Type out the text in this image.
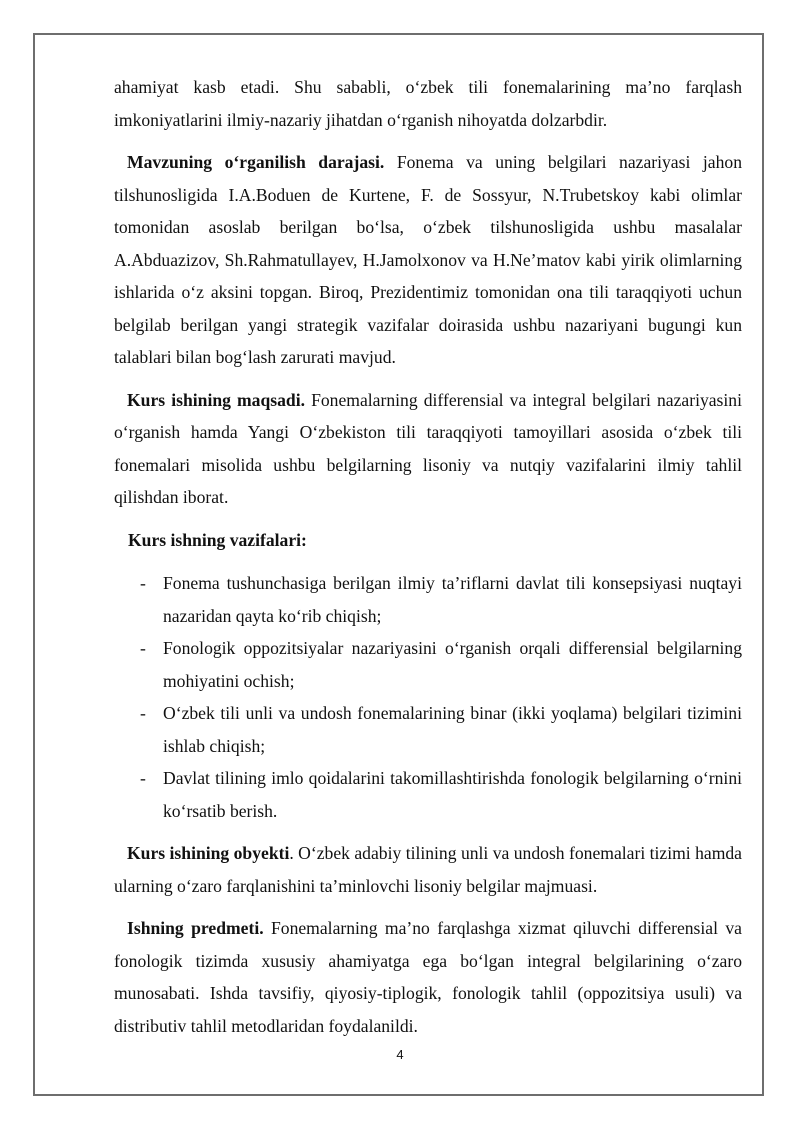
ahamiyat kasb etadi. Shu sababli, o‘zbek tili fonemalarining ma’no farqlash imkoniyatlarini ilmiy-nazariy jihatdan o‘rganish nihoyatda dolzarbdir.

Mavzuning o‘rganilish darajasi. Fonema va uning belgilari nazariyasi jahon tilshunosligida I.A.Boduen de Kurtene, F. de Sossyur, N.Trubetskoy kabi olimlar tomonidan asoslab berilgan bo‘lsa, o‘zbek tilshunosligida ushbu masalalar A.Abduazizov, Sh.Rahmatullayev, H.Jamolxonov va H.Ne’matov kabi yirik olimlarning ishlarida o‘z aksini topgan. Biroq, Prezidentimiz tomonidan ona tili taraqqiyoti uchun belgilab berilgan yangi strategik vazifalar doirasida ushbu nazariyani bugungi kun talablari bilan bog‘lash zarurati mavjud.

Kurs ishining maqsadi. Fonemalarning differensial va integral belgilari nazariyasini o‘rganish hamda Yangi O‘zbekiston tili taraqqiyoti tamoyillari asosida o‘zbek tili fonemalari misolida ushbu belgilarning lisoniy va nutqiy vazifalarini ilmiy tahlil qilishdan iborat.

Kurs ishning vazifalari:

- Fonema tushunchasiga berilgan ilmiy ta’riflarni davlat tili konsepsiyasi nuqtayi nazaridan qayta ko‘rib chiqish;
- Fonologik oppozitsiyalar nazariyasini o‘rganish orqali differensial belgilarning mohiyatini ochish;
- O‘zbek tili unli va undosh fonemalarining binar (ikki yoqlama) belgilari tizimini ishlab chiqish;
- Davlat tilining imlo qoidalarini takomillashtirishda fonologik belgilarning o‘rnini ko‘rsatib berish.

Kurs ishining obyekti. O‘zbek adabiy tilining unli va undosh fonemalari tizimi hamda ularning o‘zaro farqlanishini ta’minlovchi lisoniy belgilar majmuasi.

Ishning predmeti. Fonemalarning ma’no farqlashga xizmat qiluvchi differensial va fonologik tizimda xususiy ahamiyatga ega bo‘lgan integral belgilarining o‘zaro munosabati. Ishda tavsifiy, qiyosiy-tiplogik, fonologik tahlil (oppozitsiya usuli) va distributiv tahlil metodlaridan foydalanildi.

4
